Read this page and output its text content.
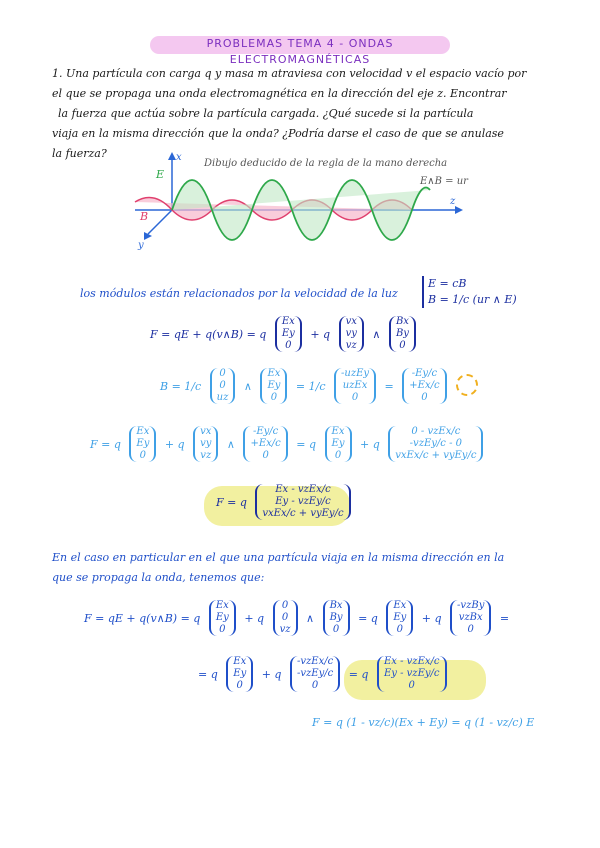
PROBLEMAS TEMA 4 - ONDAS ELECTROMAGNÉTICAS
1. Una partícula con carga q y masa m atraviesa con velocidad v el espacio vacío por
el que se propaga una onda electromagnética en la dirección del eje z. Encontrar
la fuerza que actúa sobre la partícula cargada. ¿Qué sucede si la partícula
viaja en la misma dirección que la onda? ¿Podría darse el caso de que se anulase
la fuerza?
E
x
B
y
z
Dibujo deducido de la regla de la mano derecha
E∧B = ur
los módulos están relacionados por la velocidad de la luz
E = cB
B = 1/c (ur ∧ E)
F = qE + q(v∧B) = q
Ex
Ey
0
+ q
vx
vy
vz
∧
Bx
By
0
B = 1/c
0
0
uz
∧
Ex
Ey
0
= 1/c
-uzEy
uzEx
0
=
-Ey/c
+Ex/c
0
F = q
Ex
Ey
0
+ q
vx
vy
vz
∧
-Ey/c
+Ex/c
0
= q
Ex
Ey
0
+ q
0 - vzEx/c
-vzEy/c - 0
vxEx/c + vyEy/c
F = q
Ex - vzEx/c
Ey - vzEy/c
vxEx/c + vyEy/c
En el caso en particular en el que una partícula viaja en la misma dirección en la
que se propaga la onda, tenemos que:
F = qE + q(v∧B) = q
Ex
Ey
0
+ q
0
0
vz
∧
Bx
By
0
= q
Ex
Ey
0
+ q
-vzBy
vzBx
0
=
= q
Ex
Ey
0
+ q
-vzEx/c
-vzEy/c
0
= q
Ex - vzEx/c
Ey - vzEy/c
0
F = q (1 - vz/c)(Ex + Ey) = q (1 - vz/c) E
